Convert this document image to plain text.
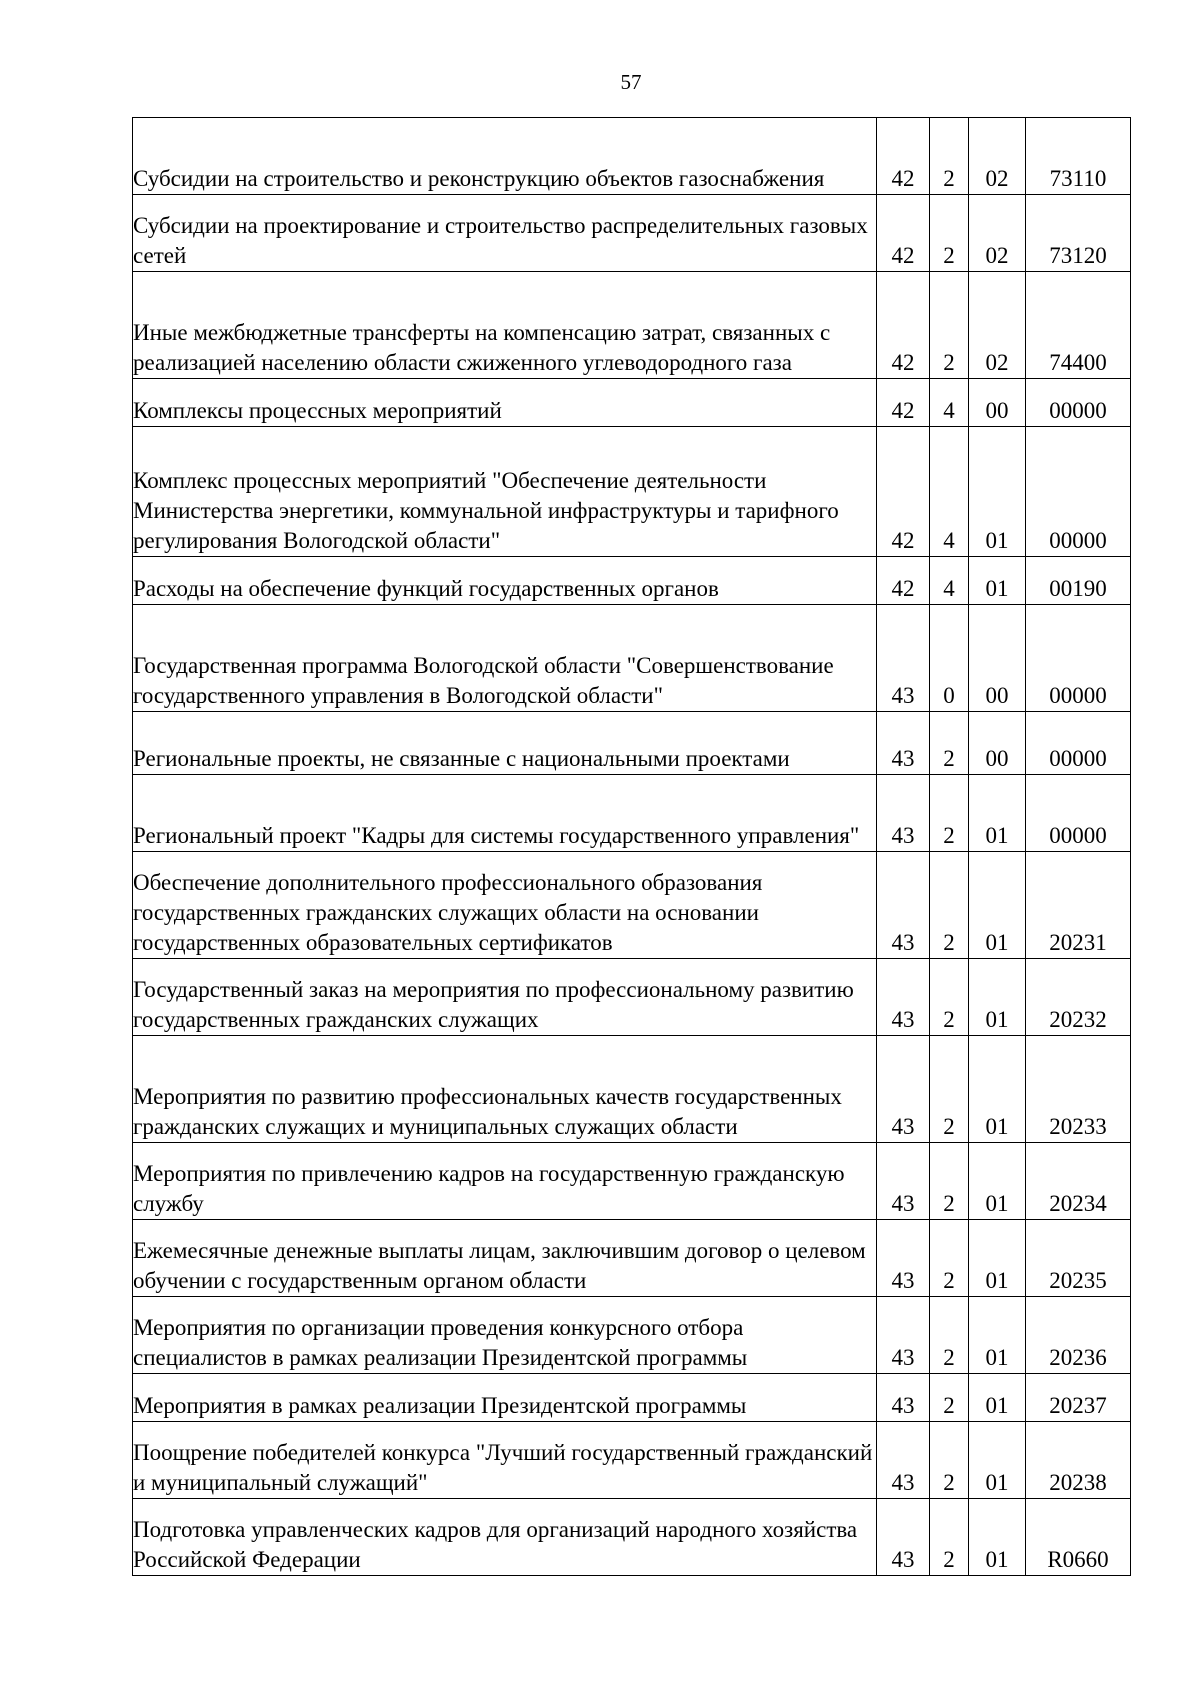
57
Субсидии на строительство и реконструкцию объектов газоснабжения	42	2	02	73110
Субсидии на проектирование и строительство распределительных газовых сетей	42	2	02	73120
Иные межбюджетные трансферты на компенсацию затрат, связанных с реализацией населению области сжиженного углеводородного газа	42	2	02	74400
Комплексы процессных мероприятий	42	4	00	00000
Комплекс процессных мероприятий "Обеспечение деятельности Министерства энергетики, коммунальной инфраструктуры и тарифного регулирования Вологодской области"	42	4	01	00000
Расходы на обеспечение функций государственных органов	42	4	01	00190
Государственная программа Вологодской области "Совершенствование государственного управления в Вологодской области"	43	0	00	00000
Региональные проекты, не связанные с национальными проектами	43	2	00	00000
Региональный проект "Кадры для системы государственного управления"	43	2	01	00000
Обеспечение дополнительного профессионального образования государственных гражданских служащих области на основании государственных образовательных сертификатов	43	2	01	20231
Государственный заказ на мероприятия по профессиональному развитию государственных гражданских служащих	43	2	01	20232
Мероприятия по развитию профессиональных качеств государственных гражданских служащих и муниципальных служащих области	43	2	01	20233
Мероприятия по привлечению кадров на государственную гражданскую службу	43	2	01	20234
Ежемесячные денежные выплаты лицам, заключившим договор о целевом обучении с государственным органом области	43	2	01	20235
Мероприятия по организации проведения конкурсного отбора специалистов в рамках реализации Президентской программы	43	2	01	20236
Мероприятия в рамках реализации Президентской программы	43	2	01	20237
Поощрение победителей конкурса "Лучший государственный гражданский и муниципальный служащий"	43	2	01	20238
Подготовка управленческих кадров для организаций народного хозяйства Российской Федерации	43	2	01	R0660
